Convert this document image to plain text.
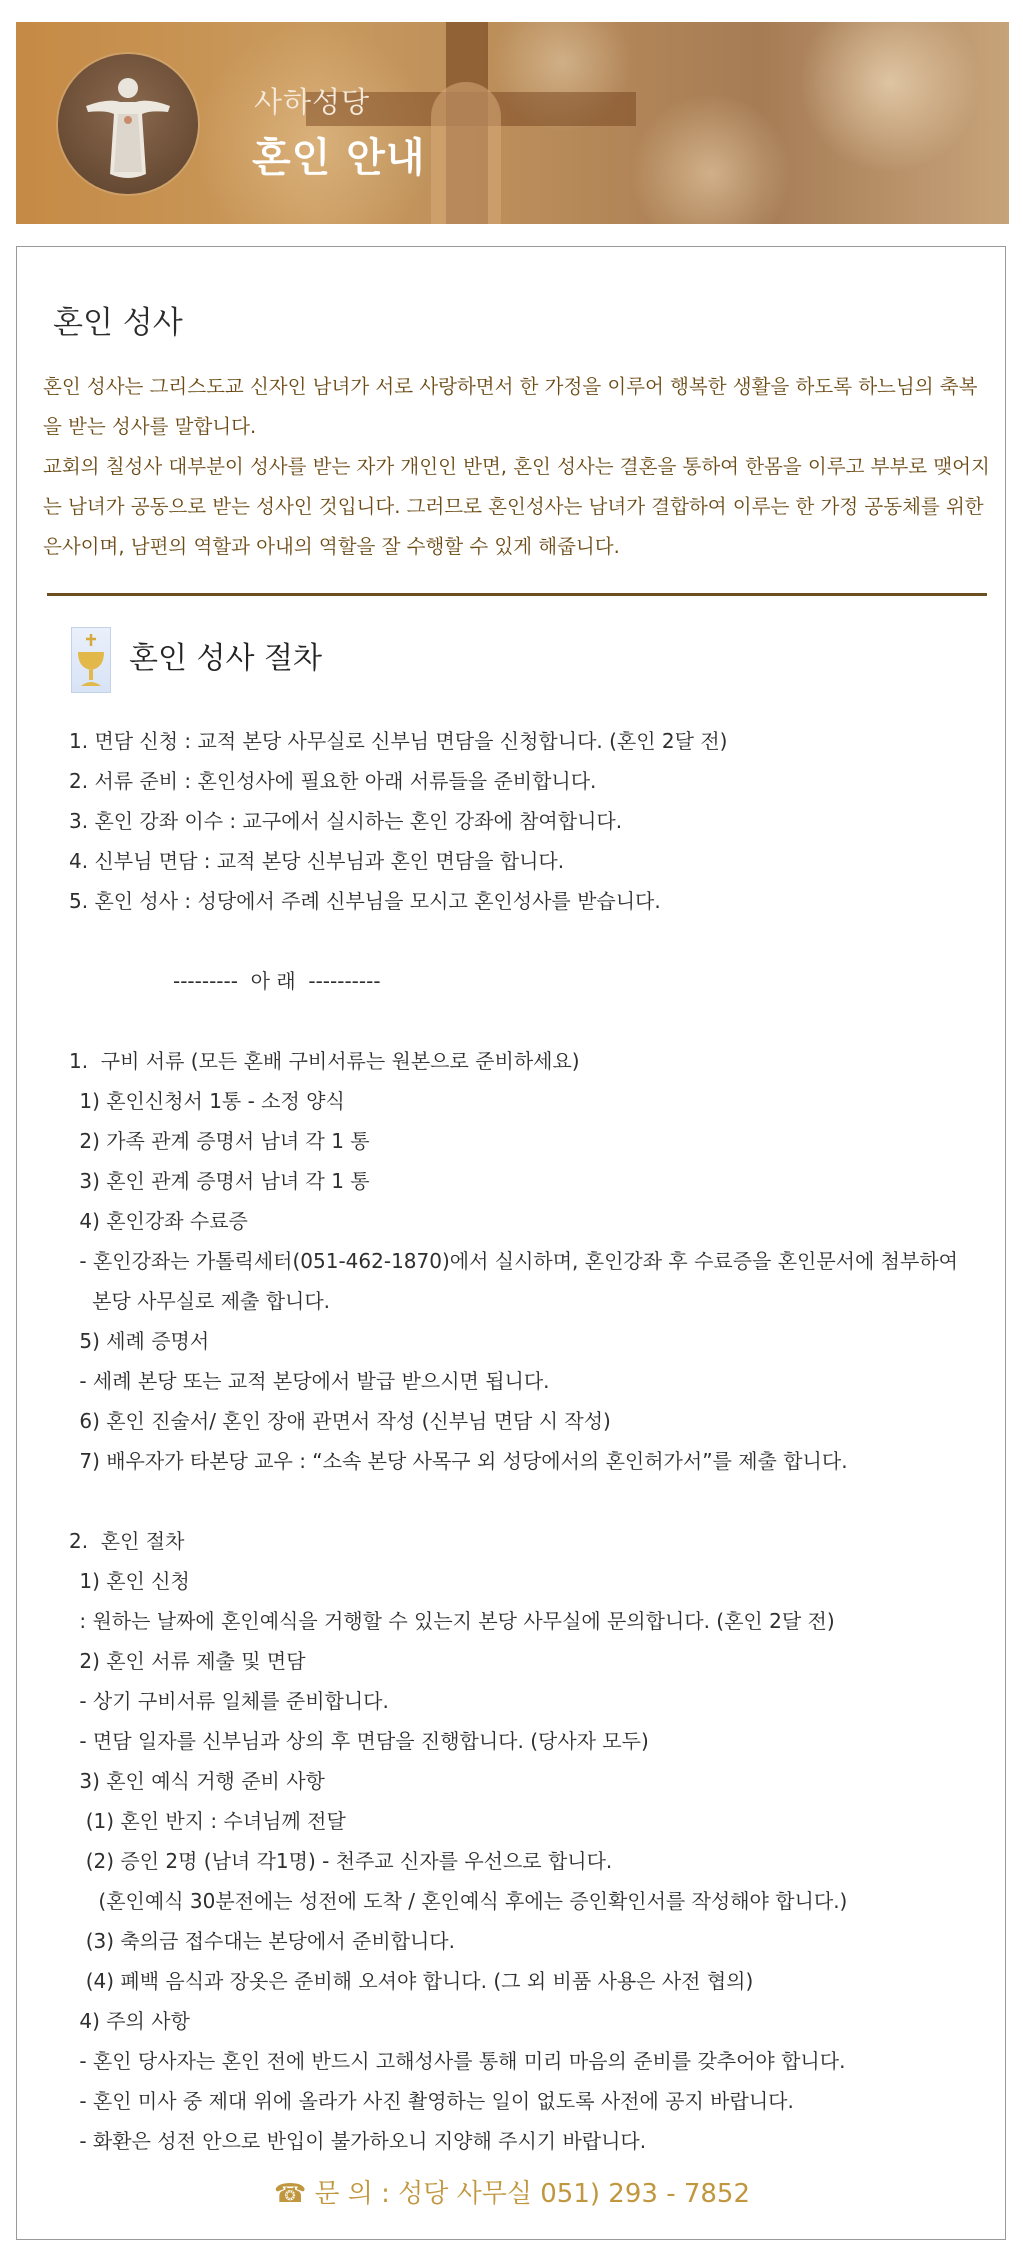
사하성당
혼인 안내
혼인 성사

혼인 성사는 그리스도교 신자인 남녀가 서로 사랑하면서 한 가정을 이루어 행복한 생활을 하도록 하느님의 축복을 받는 성사를 말합니다.

교회의 칠성사 대부분이 성사를 받는 자가 개인인 반면, 혼인 성사는 결혼을 통하여 한몸을 이루고 부부로 맺어지는 남녀가 공동으로 받는 성사인 것입니다. 그러므로 혼인성사는 남녀가 결합하여 이루는 한 가정 공동체를 위한 은사이며, 남편의 역할과 아내의 역할을 잘 수행할 수 있게 해줍니다.

혼인 성사 절차
1. 면담 신청 : 교적 본당 사무실로 신부님 면담을 신청합니다. (혼인 2달 전)
2. 서류 준비 : 혼인성사에 필요한 아래 서류들을 준비합니다.
3. 혼인 강좌 이수 : 교구에서 실시하는 혼인 강좌에 참여합니다.
4. 신부님 면담 : 교적 본당 신부님과 혼인 면담을 합니다.
5. 혼인 성사 : 성당에서 주례 신부님을 모시고 혼인성사를 받습니다.
---------  아 래  ----------
1.  구비 서류 (모든 혼배 구비서류는 원본으로 준비하세요)
1) 혼인신청서 1통 - 소정 양식
2) 가족 관계 증명서 남녀 각 1 통
3) 혼인 관계 증명서 남녀 각 1 통
4) 혼인강좌 수료증
- 혼인강좌는 가톨릭세터(051-462-1870)에서 실시하며, 혼인강좌 후 수료증을 혼인문서에 첨부하여
본당 사무실로 제출 합니다.
5) 세례 증명서
- 세례 본당 또는 교적 본당에서 발급 받으시면 됩니다.
6) 혼인 진술서/ 혼인 장애 관면서 작성 (신부님 면담 시 작성)
7) 배우자가 타본당 교우 : “소속 본당 사목구 외 성당에서의 혼인허가서”를 제출 합니다.
2.  혼인 절차
1) 혼인 신청
: 원하는 날짜에 혼인예식을 거행할 수 있는지 본당 사무실에 문의합니다. (혼인 2달 전)
2) 혼인 서류 제출 및 면담
- 상기 구비서류 일체를 준비합니다.
- 면담 일자를 신부님과 상의 후 면담을 진행합니다. (당사자 모두)
3) 혼인 예식 거행 준비 사항
(1) 혼인 반지 : 수녀님께 전달
(2) 증인 2명 (남녀 각1명) - 천주교 신자를 우선으로 합니다.
(혼인예식 30분전에는 성전에 도착 / 혼인예식 후에는 증인확인서를 작성해야 합니다.)
(3) 축의금 접수대는 본당에서 준비합니다.
(4) 폐백 음식과 장옷은 준비해 오셔야 합니다. (그 외 비품 사용은 사전 협의)
4) 주의 사항
- 혼인 당사자는 혼인 전에 반드시 고해성사를 통해 미리 마음의 준비를 갖추어야 합니다.
- 혼인 미사 중 제대 위에 올라가 사진 촬영하는 일이 없도록 사전에 공지 바랍니다.
- 화환은 성전 안으로 반입이 불가하오니 지양해 주시기 바랍니다.
☎ 문 의 : 성당 사무실 051) 293 - 7852
